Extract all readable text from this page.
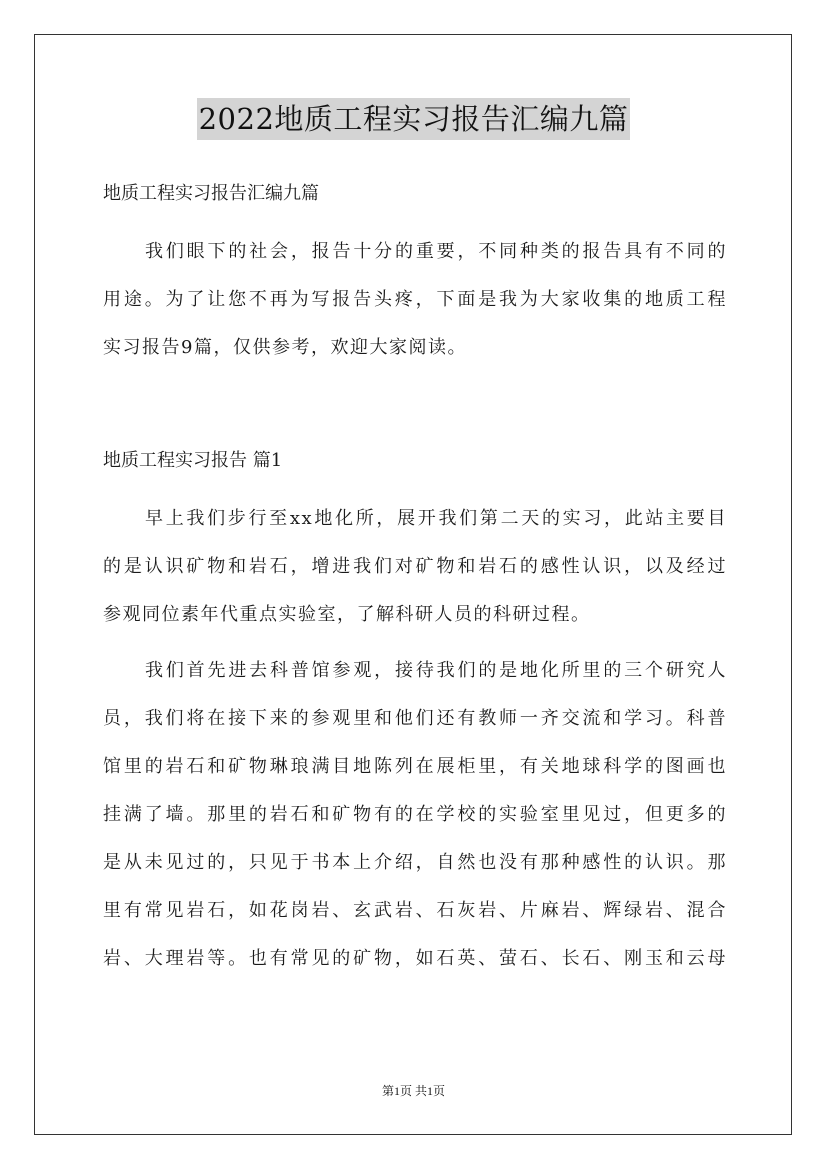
2022地质工程实习报告汇编九篇
地质工程实习报告汇编九篇

我们眼下的社会，报告十分的重要，不同种类的报告具有不同的
用途。为了让您不再为写报告头疼，下面是我为大家收集的地质工程
实习报告9篇，仅供参考，欢迎大家阅读。

地质工程实习报告 篇1

早上我们步行至xx地化所，展开我们第二天的实习，此站主要目
的是认识矿物和岩石，增进我们对矿物和岩石的感性认识，以及经过
参观同位素年代重点实验室，了解科研人员的科研过程。

我们首先进去科普馆参观，接待我们的是地化所里的三个研究人
员，我们将在接下来的参观里和他们还有教师一齐交流和学习。科普
馆里的岩石和矿物琳琅满目地陈列在展柜里，有关地球科学的图画也
挂满了墙。那里的岩石和矿物有的在学校的实验室里见过，但更多的
是从未见过的，只见于书本上介绍，自然也没有那种感性的认识。那
里有常见岩石，如花岗岩、玄武岩、石灰岩、片麻岩、辉绿岩、混合
岩、大理岩等。也有常见的矿物，如石英、萤石、长石、刚玉和云母

第1页 共1页
